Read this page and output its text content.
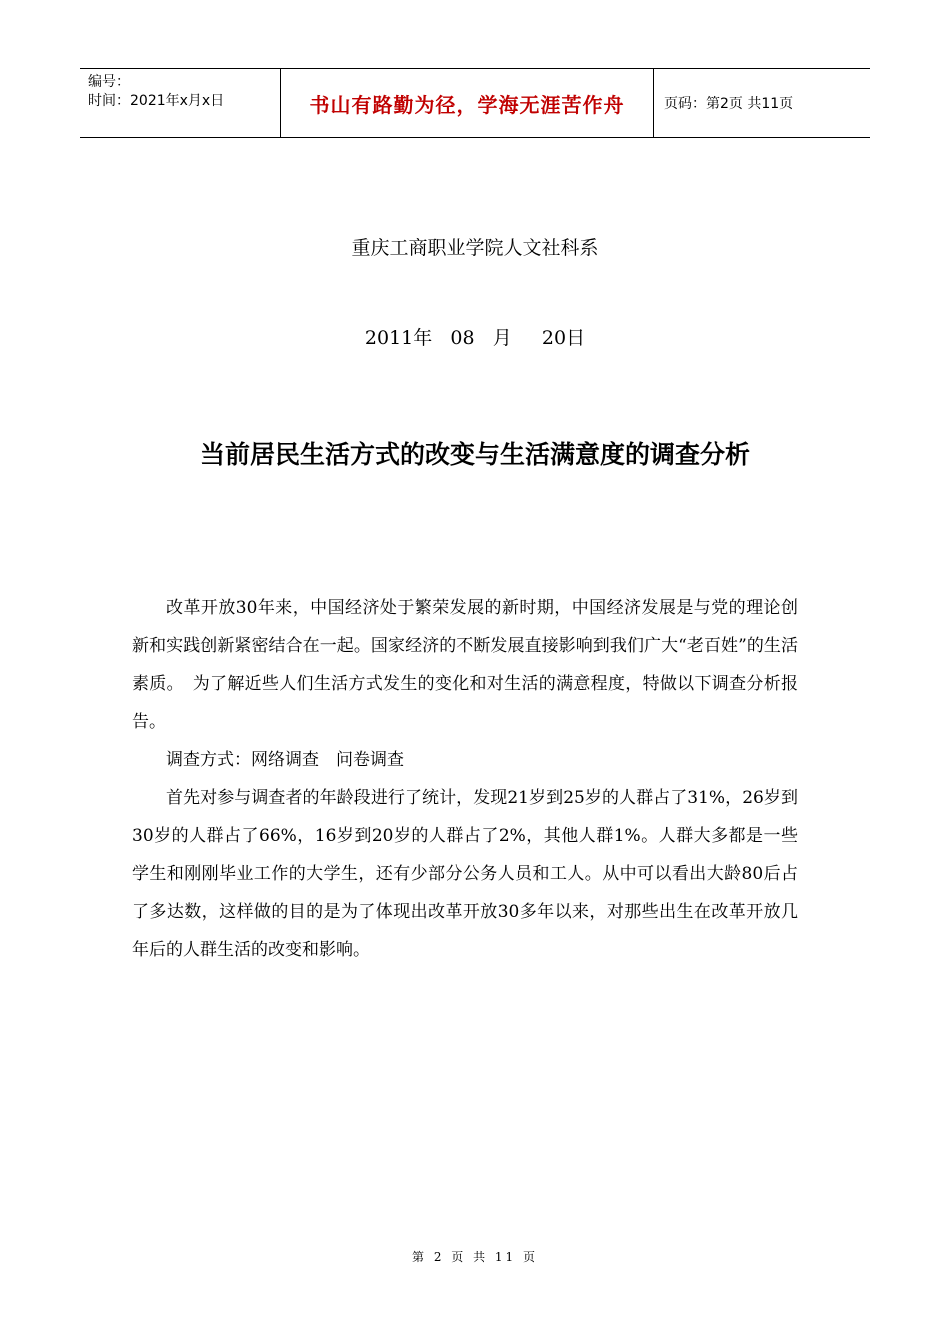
编号：
时间：2021年x月x日	书山有路勤为径，学海无涯苦作舟	页码：第2页 共11页
重庆工商职业学院人文社科系
2011年   08   月     20日
当前居民生活方式的改变与生活满意度的调查分析

改革开放30年来，中国经济处于繁荣发展的新时期，中国经济发展是与党的理论创新和实践创新紧密结合在一起。国家经济的不断发展直接影响到我们广大“老百姓”的生活素质。　为了解近些人们生活方式发生的变化和对生活的满意程度，特做以下调查分析报告。

调查方式：网络调查　问卷调查

首先对参与调查者的年龄段进行了统计，发现21岁到25岁的人群占了31%，26岁到30岁的人群占了66%，16岁到20岁的人群占了2%，其他人群1%。人群大多都是一些学生和刚刚毕业工作的大学生，还有少部分公务人员和工人。从中可以看出大龄80后占了多达数，这样做的目的是为了体现出改革开放30多年以来，对那些出生在改革开放几年后的人群生活的改变和影响。

第 2 页 共 11 页
